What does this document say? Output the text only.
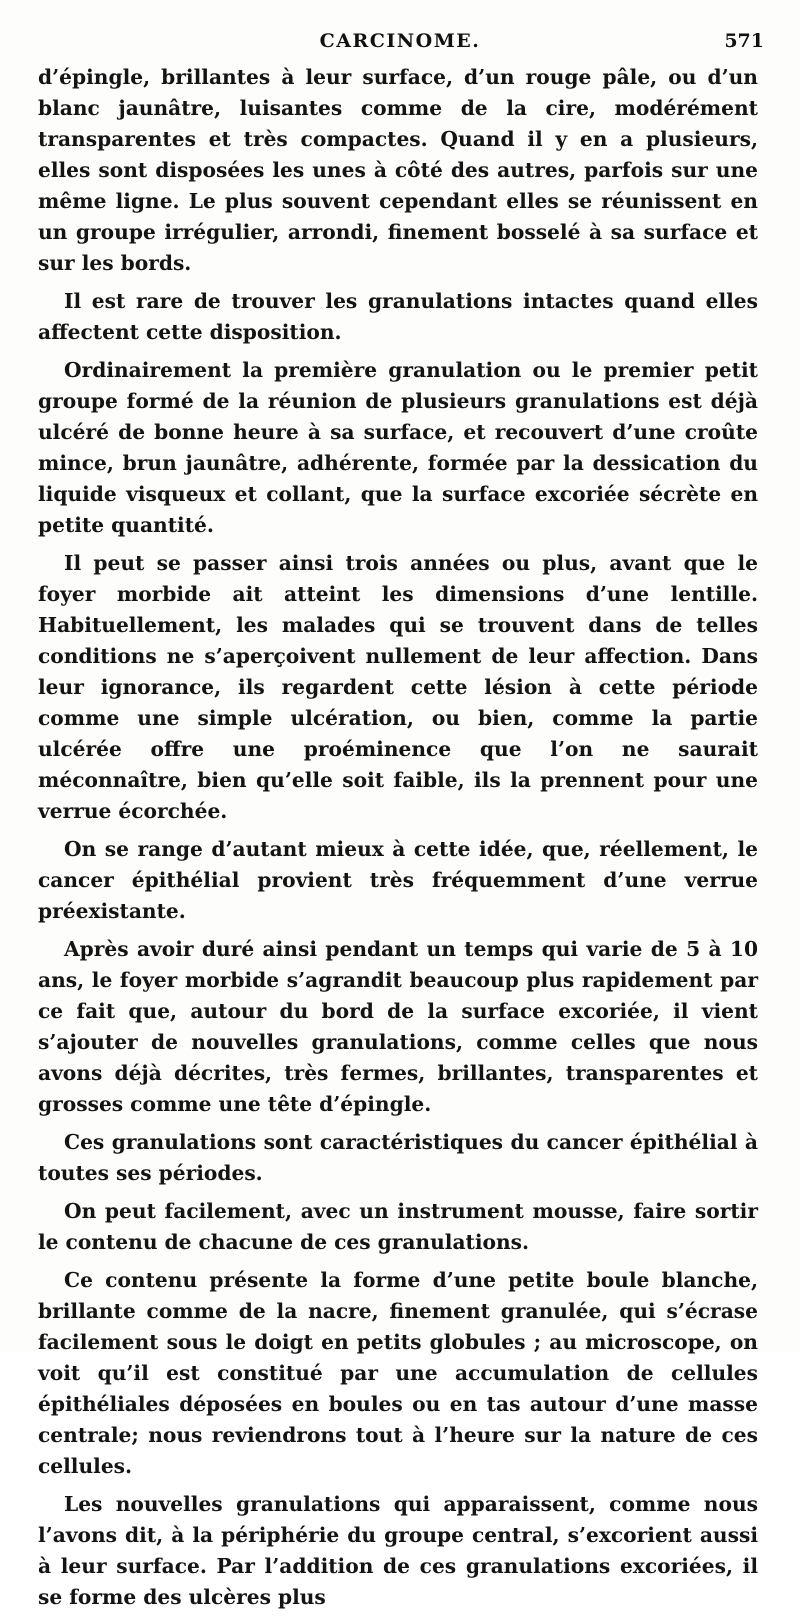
CARCINOME.	571

d’épingle, brillantes à leur surface, d’un rouge pâle, ou d’un blanc jaunâtre, luisantes comme de la cire, modérément transparentes et très compactes. Quand il y en a plusieurs, elles sont disposées les unes à côté des autres, parfois sur une même ligne. Le plus souvent cependant elles se réunissent en un groupe irrégulier, arrondi, finement bosselé à sa surface et sur les bords.

Il est rare de trouver les granulations intactes quand elles affectent cette disposition.

Ordinairement la première granulation ou le premier petit groupe formé de la réunion de plusieurs granulations est déjà ulcéré de bonne heure à sa surface, et recouvert d’une croûte mince, brun jaunâtre, adhérente, formée par la dessication du liquide visqueux et collant, que la surface excoriée sécrète en petite quantité.

Il peut se passer ainsi trois années ou plus, avant que le foyer morbide ait atteint les dimensions d’une lentille. Habituellement, les malades qui se trouvent dans de telles conditions ne s’aperçoivent nullement de leur affection. Dans leur ignorance, ils regardent cette lésion à cette période comme une simple ulcération, ou bien, comme la partie ulcérée offre une proéminence que l’on ne saurait méconnaître, bien qu’elle soit faible, ils la prennent pour une verrue écorchée.

On se range d’autant mieux à cette idée, que, réellement, le cancer épithélial provient très fréquemment d’une verrue préexistante.

Après avoir duré ainsi pendant un temps qui varie de 5 à 10 ans, le foyer morbide s’agrandit beaucoup plus rapidement par ce fait que, autour du bord de la surface excoriée, il vient s’ajouter de nouvelles granulations, comme celles que nous avons déjà décrites, très fermes, brillantes, transparentes et grosses comme une tête d’épingle.

Ces granulations sont caractéristiques du cancer épithélial à toutes ses périodes.

On peut facilement, avec un instrument mousse, faire sortir le contenu de chacune de ces granulations.

Ce contenu présente la forme d’une petite boule blanche, brillante comme de la nacre, finement granulée, qui s’écrase facilement sous le doigt en petits globules ; au microscope, on voit qu’il est constitué par une accumulation de cellules épithéliales déposées en boules ou en tas autour d’une masse centrale; nous reviendrons tout à l’heure sur la nature de ces cellules.

Les nouvelles granulations qui apparaissent, comme nous l’avons dit, à la périphérie du groupe central, s’excorient aussi à leur surface. Par l’addition de ces granulations excoriées, il se forme des ulcères plus
